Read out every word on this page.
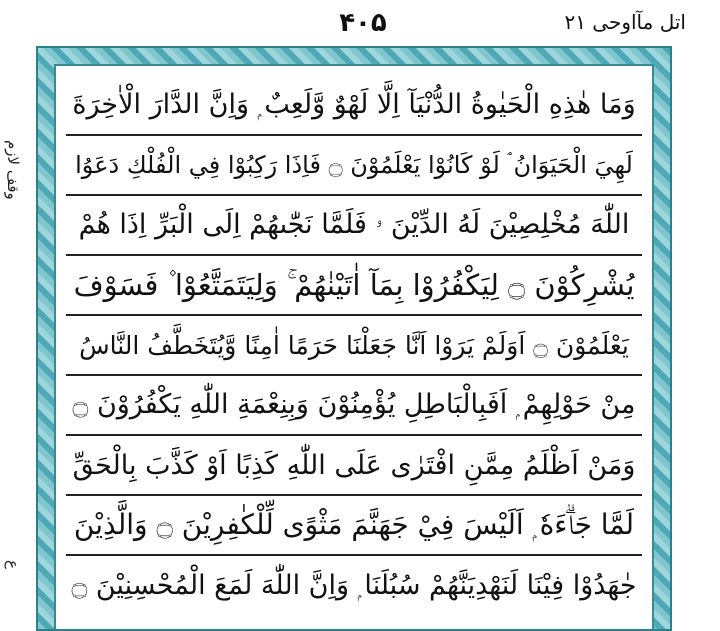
۴۰۵	اتل مآاوحی ۲۱
وقف لازم
ع
وَمَا هٰذِهِ الْحَيٰوةُ الدُّنْيَآ اِلَّا لَهْوٌ وَّلَعِبٌ ۭ وَاِنَّ الدَّارَ الْاٰخِرَةَ
لَهِيَ الْحَيَوَانُ ۘ لَوْ كَانُوْا يَعْلَمُوْنَ ۝ فَاِذَا رَكِبُوْا فِي الْفُلْكِ دَعَوُا
اللّٰهَ مُخْلِصِيْنَ لَهُ الدِّيْنَ ۥ فَلَمَّا نَجّٰىهُمْ اِلَى الْبَرِّ اِذَا هُمْ
يُشْرِكُوْنَ ۝ لِيَكْفُرُوْا بِمَآ اٰتَيْنٰهُمْ ۚ وَلِيَتَمَتَّعُوْا ۫ فَسَوْفَ
يَعْلَمُوْنَ ۝ اَوَلَمْ يَرَوْا اَنَّا جَعَلْنَا حَرَمًا اٰمِنًا وَّيُتَخَطَّفُ النَّاسُ
مِنْ حَوْلِهِمْ ۭ اَفَبِالْبَاطِلِ يُؤْمِنُوْنَ وَبِنِعْمَةِ اللّٰهِ يَكْفُرُوْنَ ۝
وَمَنْ اَظْلَمُ مِمَّنِ افْتَرٰى عَلَى اللّٰهِ كَذِبًا اَوْ كَذَّبَ بِالْحَقِّ
لَمَّا جَاۗءَهٗ ۭ اَلَيْسَ فِيْ جَهَنَّمَ مَثْوًى لِّلْكٰفِرِيْنَ ۝ وَالَّذِيْنَ
جٰهَدُوْا فِيْنَا لَنَهْدِيَنَّهُمْ سُبُلَنَا ۭ وَاِنَّ اللّٰهَ لَمَعَ الْمُحْسِنِيْنَ ۝
